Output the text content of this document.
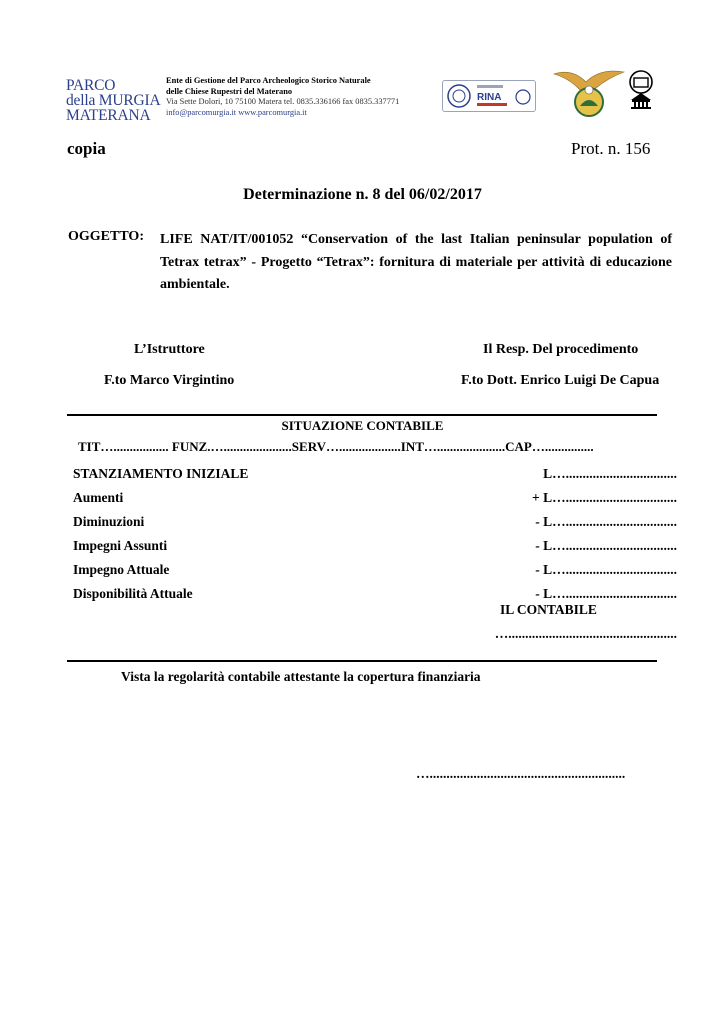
PARCO
della MURGIA
MATERANA
Ente di Gestione del Parco Archeologico Storico Naturale
delle Chiese Rupestri del Materano
Via Sette Dolori, 10 75100 Matera tel. 0835.336166 fax 0835.337771
info@parcomurgia.it www.parcomurgia.it
RINA
copia	Prot. n. 156
Determinazione n. 8 del 06/02/2017
OGGETTO: LIFE NAT/IT/001052 “Conservation of the last Italian peninsular population of Tetrax tetrax” - Progetto “Tetrax”: fornitura di materiale per attività di educazione ambientale.
L’Istruttore
F.to Marco Virgintino
Il Resp. Del procedimento
F.to Dott. Enrico Luigi De Capua
SITUAZIONE CONTABILE
TIT…................. FUNZ.….....................SERV…...................INT….....................CAP…...............
STANZIAMENTO INIZIALE	L….................................
Aumenti	+ L….................................
Diminuzioni	- L….................................
Impegni Assunti	- L….................................
Impegno Attuale	- L….................................
Disponibilità Attuale	- L….................................
IL CONTABILE
…..................................................
Vista la regolarità contabile attestante la copertura finanziaria
…..........................................................
